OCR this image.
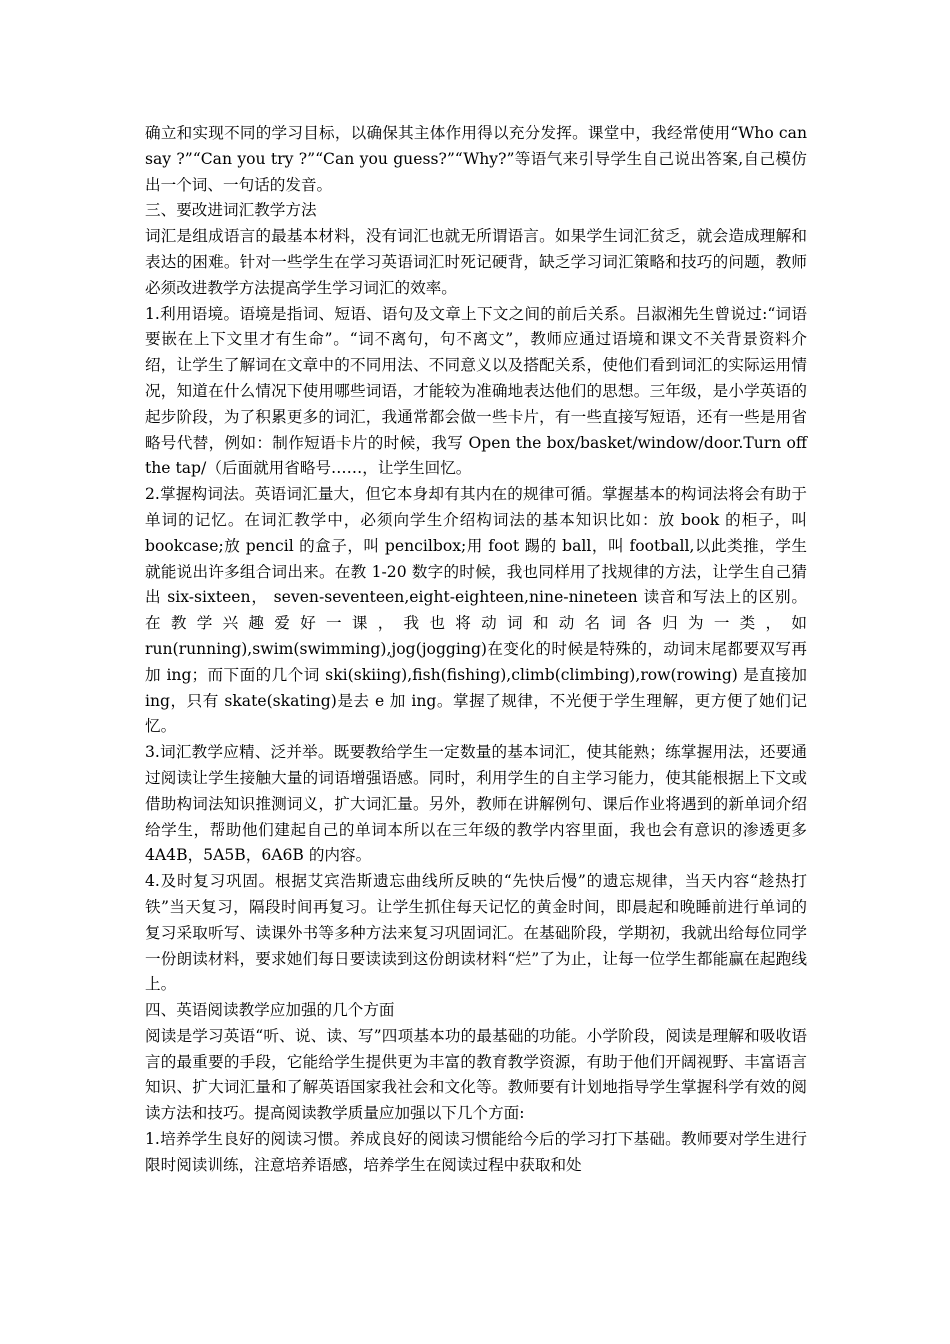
确立和实现不同的学习目标，以确保其主体作用得以充分发挥。课堂中，我经常使用“Who can say ?”“Can you try ?”“Can you guess?”“Why?”等语气来引导学生自己说出答案,自己模仿出一个词、一句话的发音。

三、要改进词汇教学方法

词汇是组成语言的最基本材料，没有词汇也就无所谓语言。如果学生词汇贫乏，就会造成理解和表达的困难。针对一些学生在学习英语词汇时死记硬背，缺乏学习词汇策略和技巧的问题，教师必须改进教学方法提高学生学习词汇的效率。

1.利用语境。语境是指词、短语、语句及文章上下文之间的前后关系。吕淑湘先生曾说过:“词语要嵌在上下文里才有生命”。“词不离句，句不离文”，教师应通过语境和课文不关背景资料介绍，让学生了解词在文章中的不同用法、不同意义以及搭配关系，使他们看到词汇的实际运用情况，知道在什么情况下使用哪些词语，才能较为准确地表达他们的思想。三年级，是小学英语的起步阶段，为了积累更多的词汇，我通常都会做一些卡片，有一些直接写短语，还有一些是用省略号代替，例如：制作短语卡片的时候，我写 Open the box/basket/window/door.Turn off the tap/（后面就用省略号……，让学生回忆。

2.掌握构词法。英语词汇量大，但它本身却有其内在的规律可循。掌握基本的构词法将会有助于单词的记忆。在词汇教学中，必须向学生介绍构词法的基本知识比如：放 book 的柜子，叫 bookcase;放 pencil 的盒子，叫 pencilbox;用 foot 踢的 ball，叫 football,以此类推，学生就能说出许多组合词出来。在教 1-20 数字的时候，我也同样用了找规律的方法，让学生自己猜出 six-sixteen， seven-seventeen,eight-eighteen,nine-nineteen 读音和写法上的区别。在教学兴趣爱好一课，我也将动词和动名词各归为一类，如 run(running),swim(swimming),jog(jogging)在变化的时候是特殊的，动词末尾都要双写再加 ing；而下面的几个词 ski(skiing),fish(fishing),climb(climbing),row(rowing) 是直接加 ing，只有 skate(skating)是去 e 加 ing。掌握了规律，不光便于学生理解，更方便了她们记忆。

3.词汇教学应精、泛并举。既要教给学生一定数量的基本词汇，使其能熟；练掌握用法，还要通过阅读让学生接触大量的词语增强语感。同时，利用学生的自主学习能力，使其能根据上下文或借助构词法知识推测词义，扩大词汇量。另外，教师在讲解例句、课后作业将遇到的新单词介绍给学生，帮助他们建起自己的单词本所以在三年级的教学内容里面，我也会有意识的渗透更多 4A4B，5A5B，6A6B 的内容。

4.及时复习巩固。根据艾宾浩斯遗忘曲线所反映的“先快后慢”的遗忘规律，当天内容“趁热打铁”当天复习，隔段时间再复习。让学生抓住每天记忆的黄金时间，即晨起和晚睡前进行单词的复习采取听写、读课外书等多种方法来复习巩固词汇。在基础阶段，学期初，我就出给每位同学一份朗读材料，要求她们每日要读读到这份朗读材料“烂”了为止，让每一位学生都能赢在起跑线上。

四、英语阅读教学应加强的几个方面

阅读是学习英语“听、说、读、写”四项基本功的最基础的功能。小学阶段，阅读是理解和吸收语言的最重要的手段，它能给学生提供更为丰富的教育教学资源，有助于他们开阔视野、丰富语言知识、扩大词汇量和了解英语国家我社会和文化等。教师要有计划地指导学生掌握科学有效的阅读方法和技巧。提高阅读教学质量应加强以下几个方面:

1.培养学生良好的阅读习惯。养成良好的阅读习惯能给今后的学习打下基础。教师要对学生进行限时阅读训练，注意培养语感，培养学生在阅读过程中获取和处
